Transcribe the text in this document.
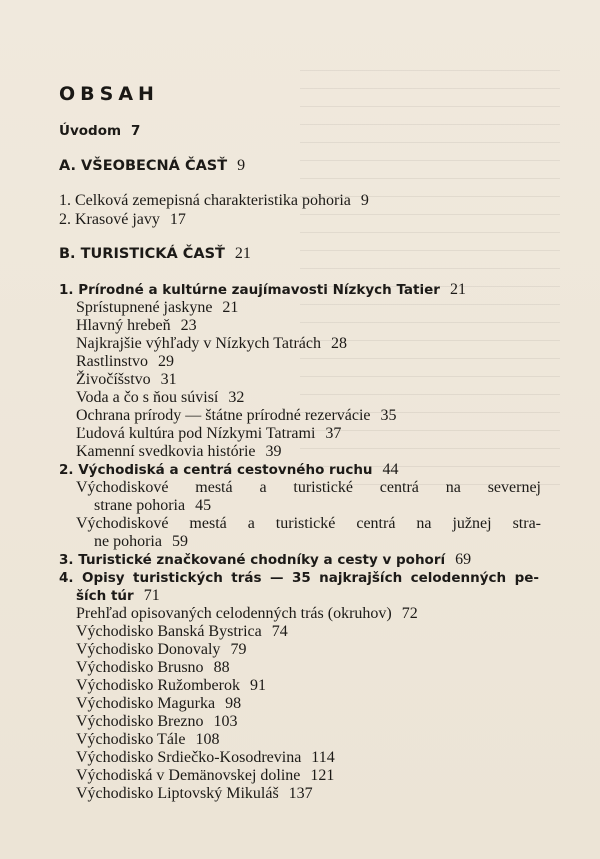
OBSAH
Úvodom 7
A. VŠEOBECNÁ ČASŤ 9
1. Celková zemepisná charakteristika pohoria 9
2. Krasové javy 17
B. TURISTICKÁ ČASŤ 21
1. Prírodné a kultúrne zaujímavosti Nízkych Tatier 21
Sprístupnené jaskyne 21
Hlavný hrebeň 23
Najkrajšie výhľady v Nízkych Tatrách 28
Rastlinstvo 29
Živočíšstvo 31
Voda a čo s ňou súvisí 32
Ochrana prírody — štátne prírodné rezervácie 35
Ľudová kultúra pod Nízkymi Tatrami 37
Kamenní svedkovia histórie 39
2. Východiská a centrá cestovného ruchu 44
Východiskové mestá a turistické centrá na severnej
strane pohoria 45
Východiskové mestá a turistické centrá na južnej stra-
ne pohoria 59
3. Turistické značkované chodníky a cesty v pohorí 69
4. Opisy turistických trás — 35 najkrajších celodenných pe-
ších túr 71
Prehľad opisovaných celodenných trás (okruhov) 72
Východisko Banská Bystrica 74
Východisko Donovaly 79
Východisko Brusno 88
Východisko Ružomberok 91
Východisko Magurka 98
Východisko Brezno 103
Východisko Tále 108
Východisko Srdiečko-Kosodrevina 114
Východiská v Demänovskej doline 121
Východisko Liptovský Mikuláš 137
